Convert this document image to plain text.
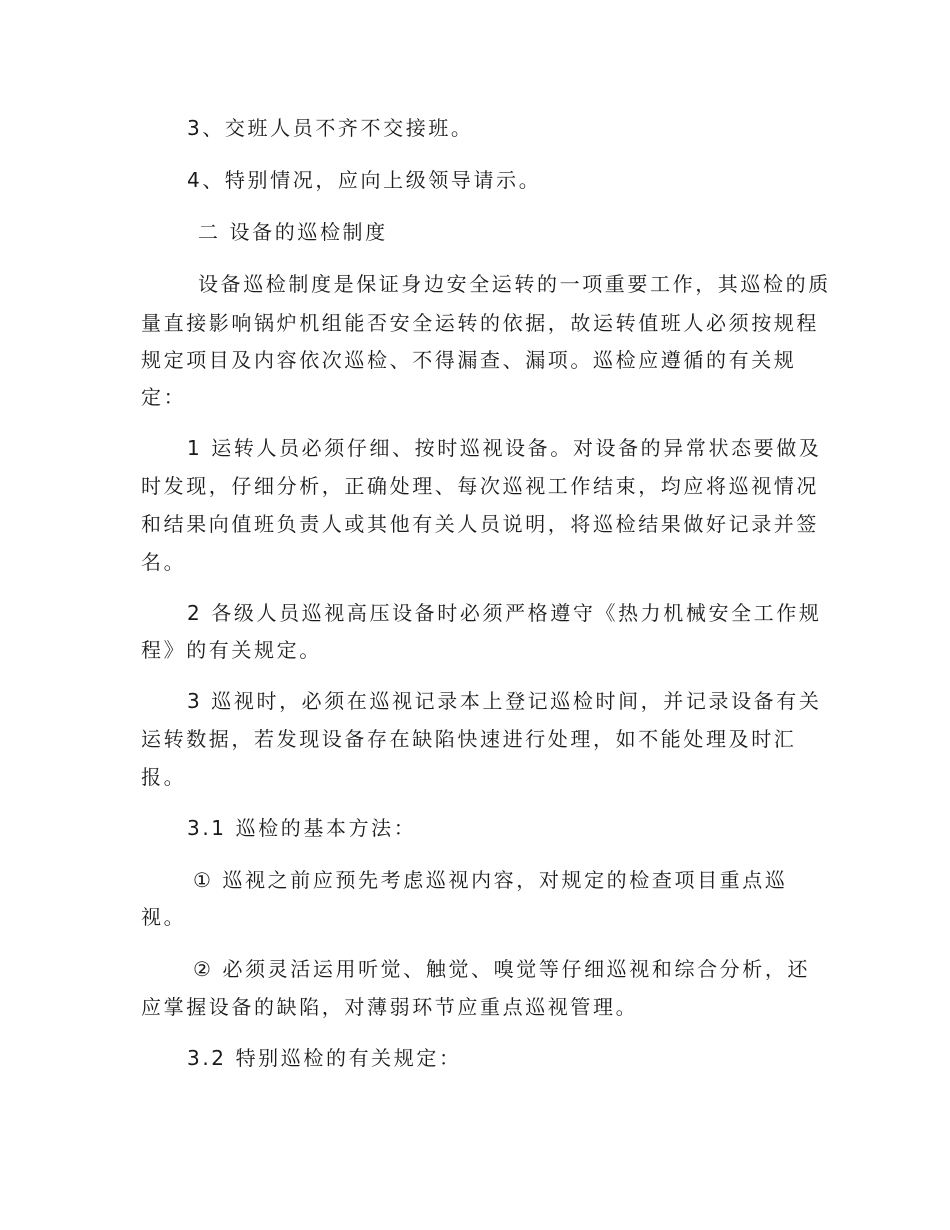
3、交班人员不齐不交接班。
4、特别情况，应向上级领导请示。
二 设备的巡检制度
设备巡检制度是保证身边安全运转的一项重要工作，其巡检的质
量直接影响锅炉机组能否安全运转的依据，故运转值班人必须按规程
规定项目及内容依次巡检、不得漏查、漏项。巡检应遵循的有关规
定：
1 运转人员必须仔细、按时巡视设备。对设备的异常状态要做及
时发现，仔细分析，正确处理、每次巡视工作结束，均应将巡视情况
和结果向值班负责人或其他有关人员说明，将巡检结果做好记录并签
名。
2 各级人员巡视高压设备时必须严格遵守《热力机械安全工作规
程》的有关规定。
3 巡视时，必须在巡视记录本上登记巡检时间，并记录设备有关
运转数据，若发现设备存在缺陷快速进行处理，如不能处理及时汇
报。
3.1 巡检的基本方法：
① 巡视之前应预先考虑巡视内容，对规定的检查项目重点巡
视。
② 必须灵活运用听觉、触觉、嗅觉等仔细巡视和综合分析，还
应掌握设备的缺陷，对薄弱环节应重点巡视管理。
3.2 特别巡检的有关规定：
